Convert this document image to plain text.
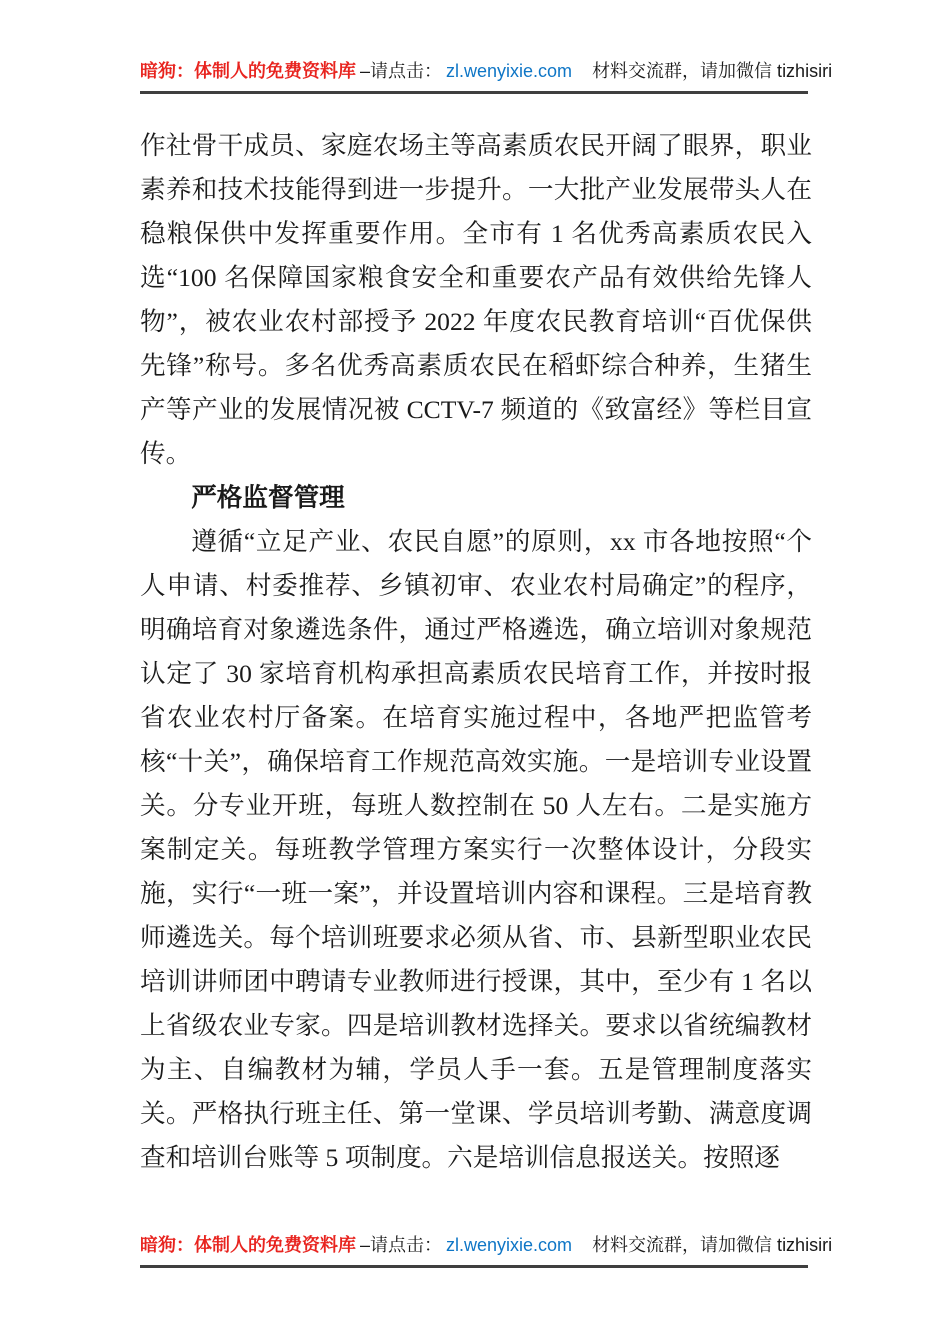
暗狗：体制人的免费资料库 –请点击： zl.wenyixie.com 材料交流群，请加微信 tizhisiri

作社骨干成员、家庭农场主等高素质农民开阔了眼界，职业素养和技术技能得到进一步提升。一大批产业发展带头人在稳粮保供中发挥重要作用。全市有 1 名优秀高素质农民入选“100 名保障国家粮食安全和重要农产品有效供给先锋人物”，被农业农村部授予 2022 年度农民教育培训“百优保供先锋”称号。多名优秀高素质农民在稻虾综合种养，生猪生产等产业的发展情况被 CCTV-7 频道的《致富经》等栏目宣传。

严格监督管理

遵循“立足产业、农民自愿”的原则，xx 市各地按照“个人申请、村委推荐、乡镇初审、农业农村局确定”的程序，明确培育对象遴选条件，通过严格遴选，确立培训对象规范认定了 30 家培育机构承担高素质农民培育工作，并按时报省农业农村厅备案。在培育实施过程中，各地严把监管考核“十关”，确保培育工作规范高效实施。一是培训专业设置关。分专业开班，每班人数控制在 50 人左右。二是实施方案制定关。每班教学管理方案实行一次整体设计，分段实施，实行“一班一案”，并设置培训内容和课程。三是培育教师遴选关。每个培训班要求必须从省、市、县新型职业农民培训讲师团中聘请专业教师进行授课，其中，至少有 1 名以上省级农业专家。四是培训教材选择关。要求以省统编教材为主、自编教材为辅，学员人手一套。五是管理制度落实关。严格执行班主任、第一堂课、学员培训考勤、满意度调查和培训台账等 5 项制度。六是培训信息报送关。按照逐

暗狗：体制人的免费资料库 –请点击： zl.wenyixie.com 材料交流群，请加微信 tizhisiri
